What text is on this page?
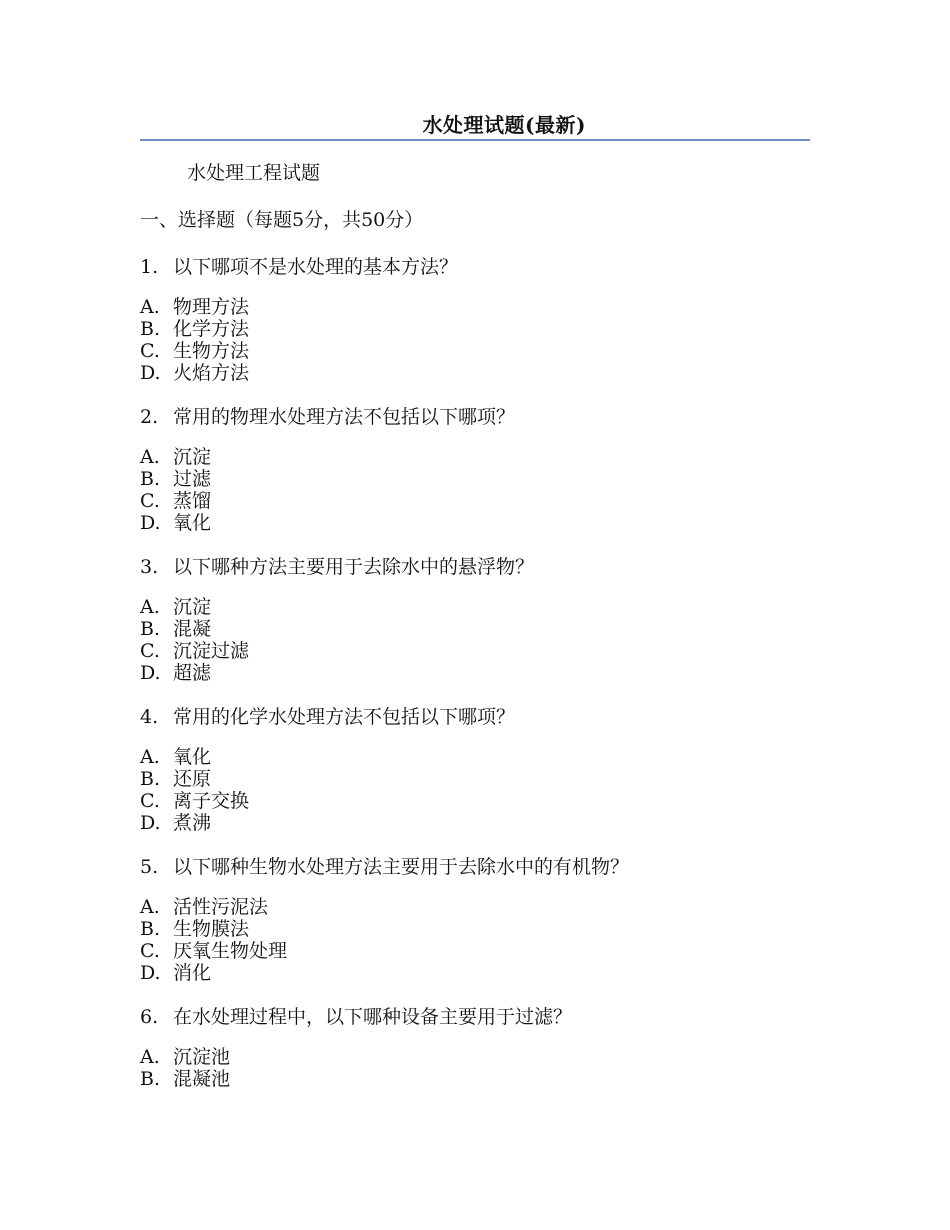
水处理试题(最新)
水处理工程试题
一、选择题（每题5分，共50分）
1. 以下哪项不是水处理的基本方法？
A. 物理方法
B. 化学方法
C. 生物方法
D. 火焰方法
2. 常用的物理水处理方法不包括以下哪项？
A. 沉淀
B. 过滤
C. 蒸馏
D. 氧化
3. 以下哪种方法主要用于去除水中的悬浮物？
A. 沉淀
B. 混凝
C. 沉淀过滤
D. 超滤
4. 常用的化学水处理方法不包括以下哪项？
A. 氧化
B. 还原
C. 离子交换
D. 煮沸
5. 以下哪种生物水处理方法主要用于去除水中的有机物？
A. 活性污泥法
B. 生物膜法
C. 厌氧生物处理
D. 消化
6. 在水处理过程中，以下哪种设备主要用于过滤？
A. 沉淀池
B. 混凝池
